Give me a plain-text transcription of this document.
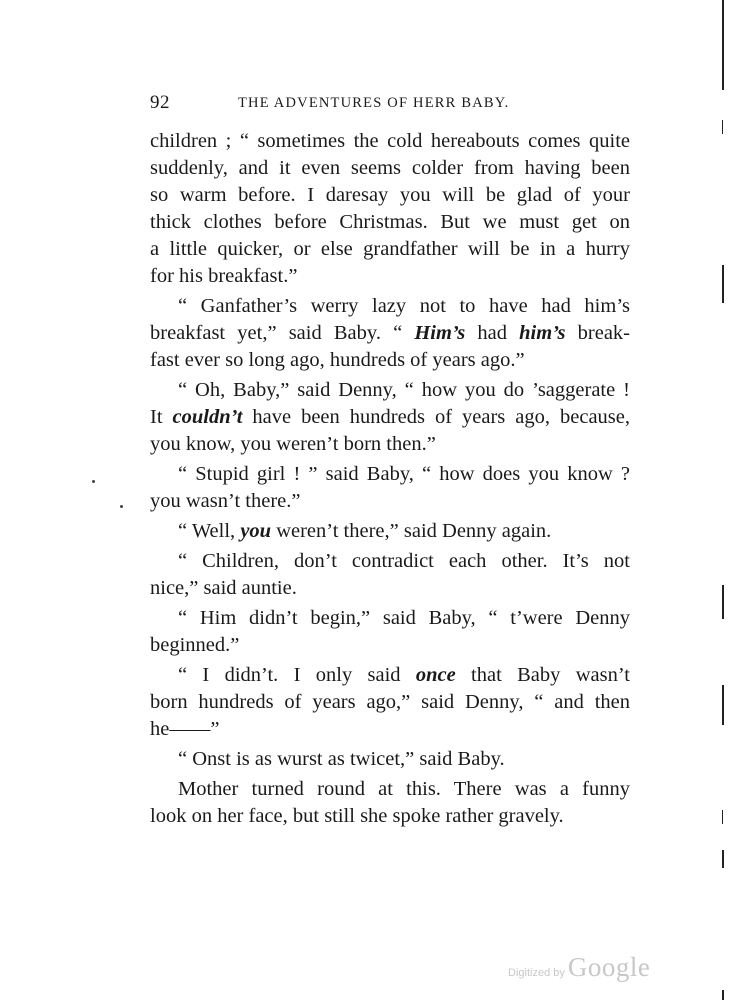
92	THE ADVENTURES OF HERR BABY.
children ; “ sometimes the cold hereabouts comes quite
suddenly, and it even seems colder from having been
so warm before. I daresay you will be glad of your
thick clothes before Christmas. But we must get on
a little quicker, or else grandfather will be in a hurry
for his breakfast.”
“ Ganfather’s werry lazy not to have had him’s
breakfast yet,” said Baby. “ Him’s had him’s break-
fast ever so long ago, hundreds of years ago.”
“ Oh, Baby,” said Denny, “ how you do ’saggerate !
It couldn’t have been hundreds of years ago, because,
you know, you weren’t born then.”
“ Stupid girl ! ” said Baby, “ how does you know ?
you wasn’t there.”
“ Well, you weren’t there,” said Denny again.
“ Children, don’t contradict each other. It’s not
nice,” said auntie.
“ Him didn’t begin,” said Baby, “ t’were Denny
beginned.”
“ I didn’t. I only said once that Baby wasn’t
born hundreds of years ago,” said Denny, “ and then
he——”
“ Onst is as wurst as twicet,” said Baby.
Mother turned round at this. There was a funny
look on her face, but still she spoke rather gravely.
Digitized by Google
